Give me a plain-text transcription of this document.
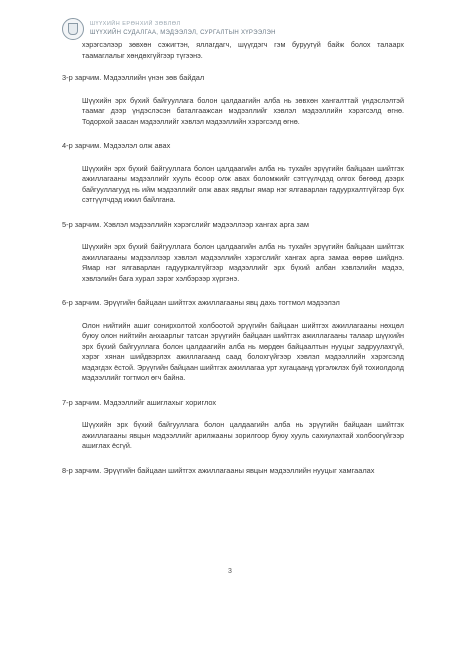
ШҮҮХИЙН ЕРӨНХИЙ ЗӨВЛӨЛ
ШҮҮХИЙН СУДАЛГАА, МЭДЭЭЛЭЛ, СУРГАЛТЫН ХҮРЭЭЛЭН

хэрэгсэлээр зөвхөн сэжигтэн, яллагдагч, шүүгдэгч гэм буруугүй байж болох талаарх таамаглалыг хөндөхгүйгээр түгээнэ.

3-р зарчим. Мэдээллийн үнэн зөв байдал

Шүүхийн эрх бүхий байгууллага болон цалдаагийн алба нь зөвхөн хангалттай үндэслэлтэй таамаг дээр үндэслэсэн баталгаажсан мэдээллийг хэвлэл мэдээллийн хэрэгсэлд өгнө. Тодорхой заасан мэдээллийг хэвлэл мэдээллийн хэрэгсэлд өгнө.

4-р зарчим. Мэдээлэл олж авах

Шүүхийн эрх бүхий байгууллага болон цалдаагийн алба нь тухайн эрүүгийн байцаан шийтгэх ажиллагааны мэдээллийг хууль ёсоор олж авах боломжийг сэтгүүлчдэд олгох бөгөөд дээрх байгууллагууд нь ийм мэдээллийг олж авах явдлыг ямар нэг ялгаварлан гадуурхалтгүйгээр бүх сэтгүүлчдэд ижил байлгана.

5-р зарчим. Хэвлэл мэдээллийн хэрэгслийг мэдээллээр хангах арга зам

Шүүхийн эрх бүхий байгууллага болон цалдаагийн алба нь тухайн эрүүгийн байцаан шийтгэх ажиллагааны мэдээллээр хэвлэл мэдээллийн хэрэгслийг хангах арга замаа өөрөө шийднэ. Ямар нэг ялгаварлан гадуурхалгүйгээр мэдээллийг эрх бүхий албан хэвлэлийн мэдээ, хэвлэлийн бага хурал зэрэг хэлбэрээр хүргэнэ.

6-р зарчим. Эрүүгийн байцаан шийтгэх ажиллагааны явц дахь тогтмол мэдээлэл

Олон нийтийн ашиг сонирхолтой холбоотой эрүүгийн байцаан шийтгэх ажиллагааны нөхцөл буюу олон нийтийн анхаарлыг татсан эрүүгийн байцаан шийтгэх ажиллагааны талаар шүүхийн эрх бүхий байгууллага болон цалдаагийн алба нь мөрдөн байцаалтын нууцыг задруулахгүй, хэрэг хянан шийдвэрлэх ажиллагаанд саад болохгүйгээр хэвлэл мэдээллийн хэрэгсэлд мэдэгдэх ёстой. Эрүүгийн байцаан шийтгэх ажиллагаа урт хугацаанд үргэлжлэх буй тохиолдолд мэдээллийг тогтмол өгч байна.

7-р зарчим. Мэдээллийг ашиглахыг хориглох

Шүүхийн эрх бүхий байгууллага болон цалдаагийн алба нь эрүүгийн байцаан шийтгэх ажиллагааны явцын мэдээллийг арилжааны зорилгоор буюу хууль сахиулахтай холбоогүйгээр ашиглах ёсгүй.

8-р зарчим. Эрүүгийн байцаан шийтгэх ажиллагааны явцын мэдээллийн нууцыг хамгаалах

3
